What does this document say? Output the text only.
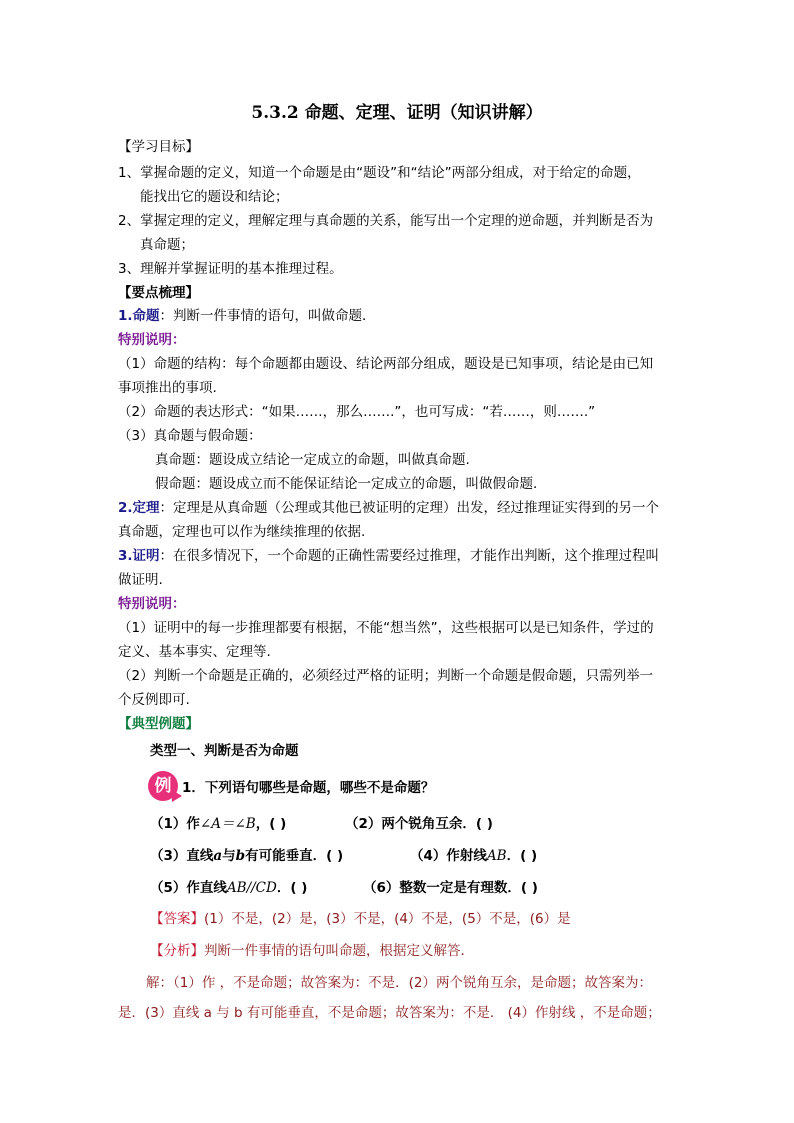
5.3.2 命题、定理、证明（知识讲解）
【学习目标】
1、掌握命题的定义，知道一个命题是由“题设”和“结论”两部分组成，对于给定的命题，
能找出它的题设和结论；
2、掌握定理的定义，理解定理与真命题的关系，能写出一个定理的逆命题，并判断是否为
真命题；
3、理解并掌握证明的基本推理过程。
【要点梳理】
1.命题：判断一件事情的语句，叫做命题．
特别说明：
（1）命题的结构：每个命题都由题设、结论两部分组成，题设是已知事项，结论是由已知
事项推出的事项.
（2）命题的表达形式：“如果……，那么…….”，也可写成：“若……，则…….”
（3）真命题与假命题：
真命题：题设成立结论一定成立的命题，叫做真命题.
假命题：题设成立而不能保证结论一定成立的命题，叫做假命题.
2.定理：定理是从真命题（公理或其他已被证明的定理）出发，经过推理证实得到的另一个
真命题，定理也可以作为继续推理的依据.
3.证明：在很多情况下，一个命题的正确性需要经过推理，才能作出判断，这个推理过程叫
做证明.
特别说明：
（1）证明中的每一步推理都要有根据，不能“想当然”，这些根据可以是已知条件，学过的
定义、基本事实、定理等.
（2）判断一个命题是正确的，必须经过严格的证明；判断一个命题是假命题，只需列举一
个反例即可.
【典型例题】
类型一、判断是否为命题
例 1．下列语句哪些是命题，哪些不是命题？
（1）作∠A＝∠B，( )	（2）两个锐角互余．( )
（3）直线a与b有可能垂直．( )	（4）作射线AB．( )
（5）作直线AB//CD．( )	（6）整数一定是有理数．( )
【答案】(1）不是，(2）是，(3）不是，(4）不是，(5）不是，(6）是
【分析】判断一件事情的语句叫命题，根据定义解答．
解：（1）作 ，不是命题；故答案为：不是．(2）两个锐角互余，是命题；故答案为：
是．(3）直线 a 与 b 有可能垂直，不是命题；故答案为：不是． (4）作射线 ，不是命题；
